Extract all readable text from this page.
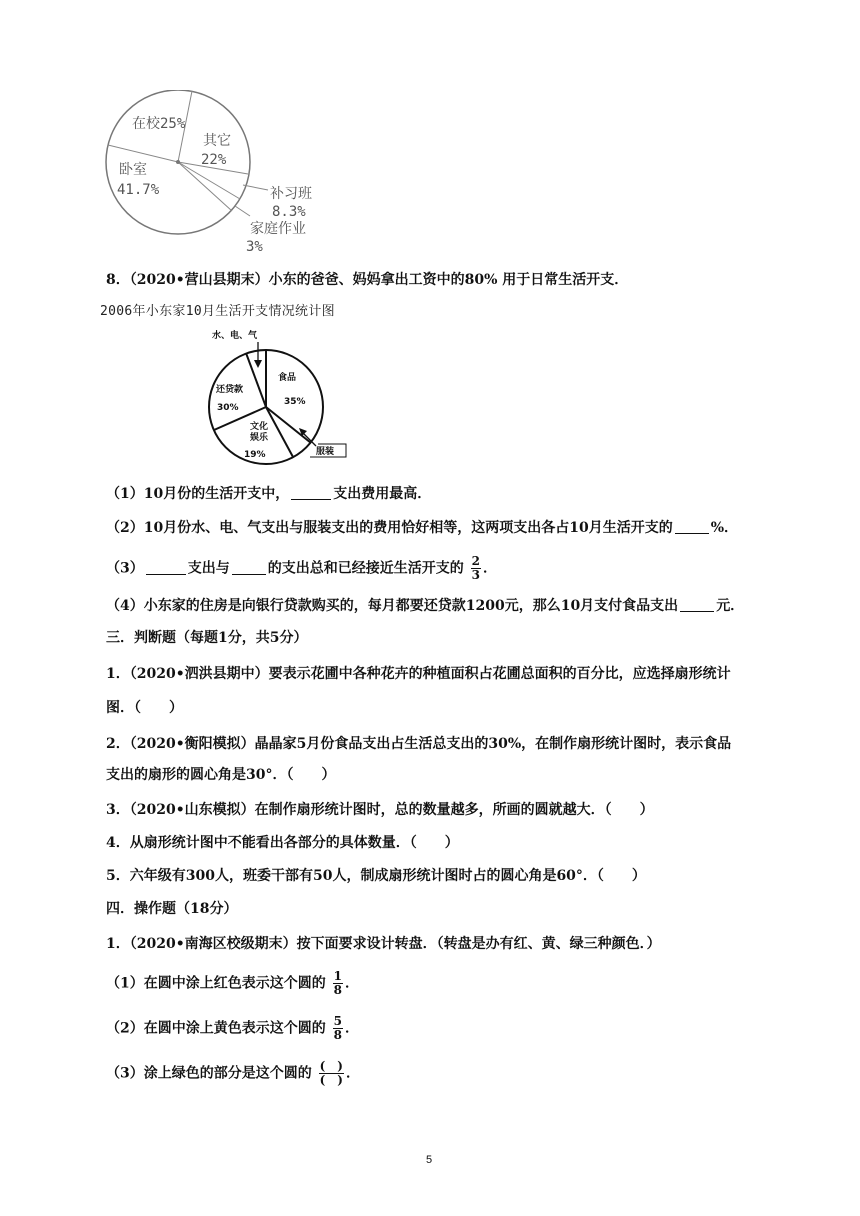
在校25%
其它
22%
卧室
41.7%	补习班
8.3%
家庭作业
3%
8．（2020•营山县期末）小东的爸爸、妈妈拿出工资中的80% 用于日常生活开支．
2006年小东家10月生活开支情况统计图
水、电、气
食品
35%
还贷款
30%
文化
娱乐
19%	服装
（1）10月份的生活开支中，	支出费用最高．
（2）10月份水、电、气支出与服装支出的费用恰好相等，这两项支出各占10月生活开支的	%．
（3）	支出与	的支出总和已经接近生活开支的 $\frac{2}{3}$ ．
（4）小东家的住房是向银行贷款购买的，每月都要还贷款1200元，那么10月支付食品支出	元．
三．判断题（每题1分，共5分）
1．（2020•泗洪县期中）要表示花圃中各种花卉的种植面积占花圃总面积的百分比，应选择扇形统计
图．（　　）
2．（2020•衡阳模拟）晶晶家5月份食品支出占生活总支出的30%，在制作扇形统计图时，表示食品
支出的扇形的圆心角是30°．（　　）
3．（2020•山东模拟）在制作扇形统计图时，总的数量越多，所画的圆就越大．（　　）
4．从扇形统计图中不能看出各部分的具体数量．（　　）
5．六年级有300人，班委干部有50人，制成扇形统计图时占的圆心角是60°．（　　）
四．操作题（18分）
1．（2020•南海区校级期末）按下面要求设计转盘．（转盘是办有红、黄、绿三种颜色．）
（1）在圆中涂上红色表示这个圆的 $\frac{1}{8}$ ．
（2）在圆中涂上黄色表示这个圆的 $\frac{5}{8}$ ．
（3）涂上绿色的部分是这个圆的 $\frac{( )}{( )}$ ．
5
